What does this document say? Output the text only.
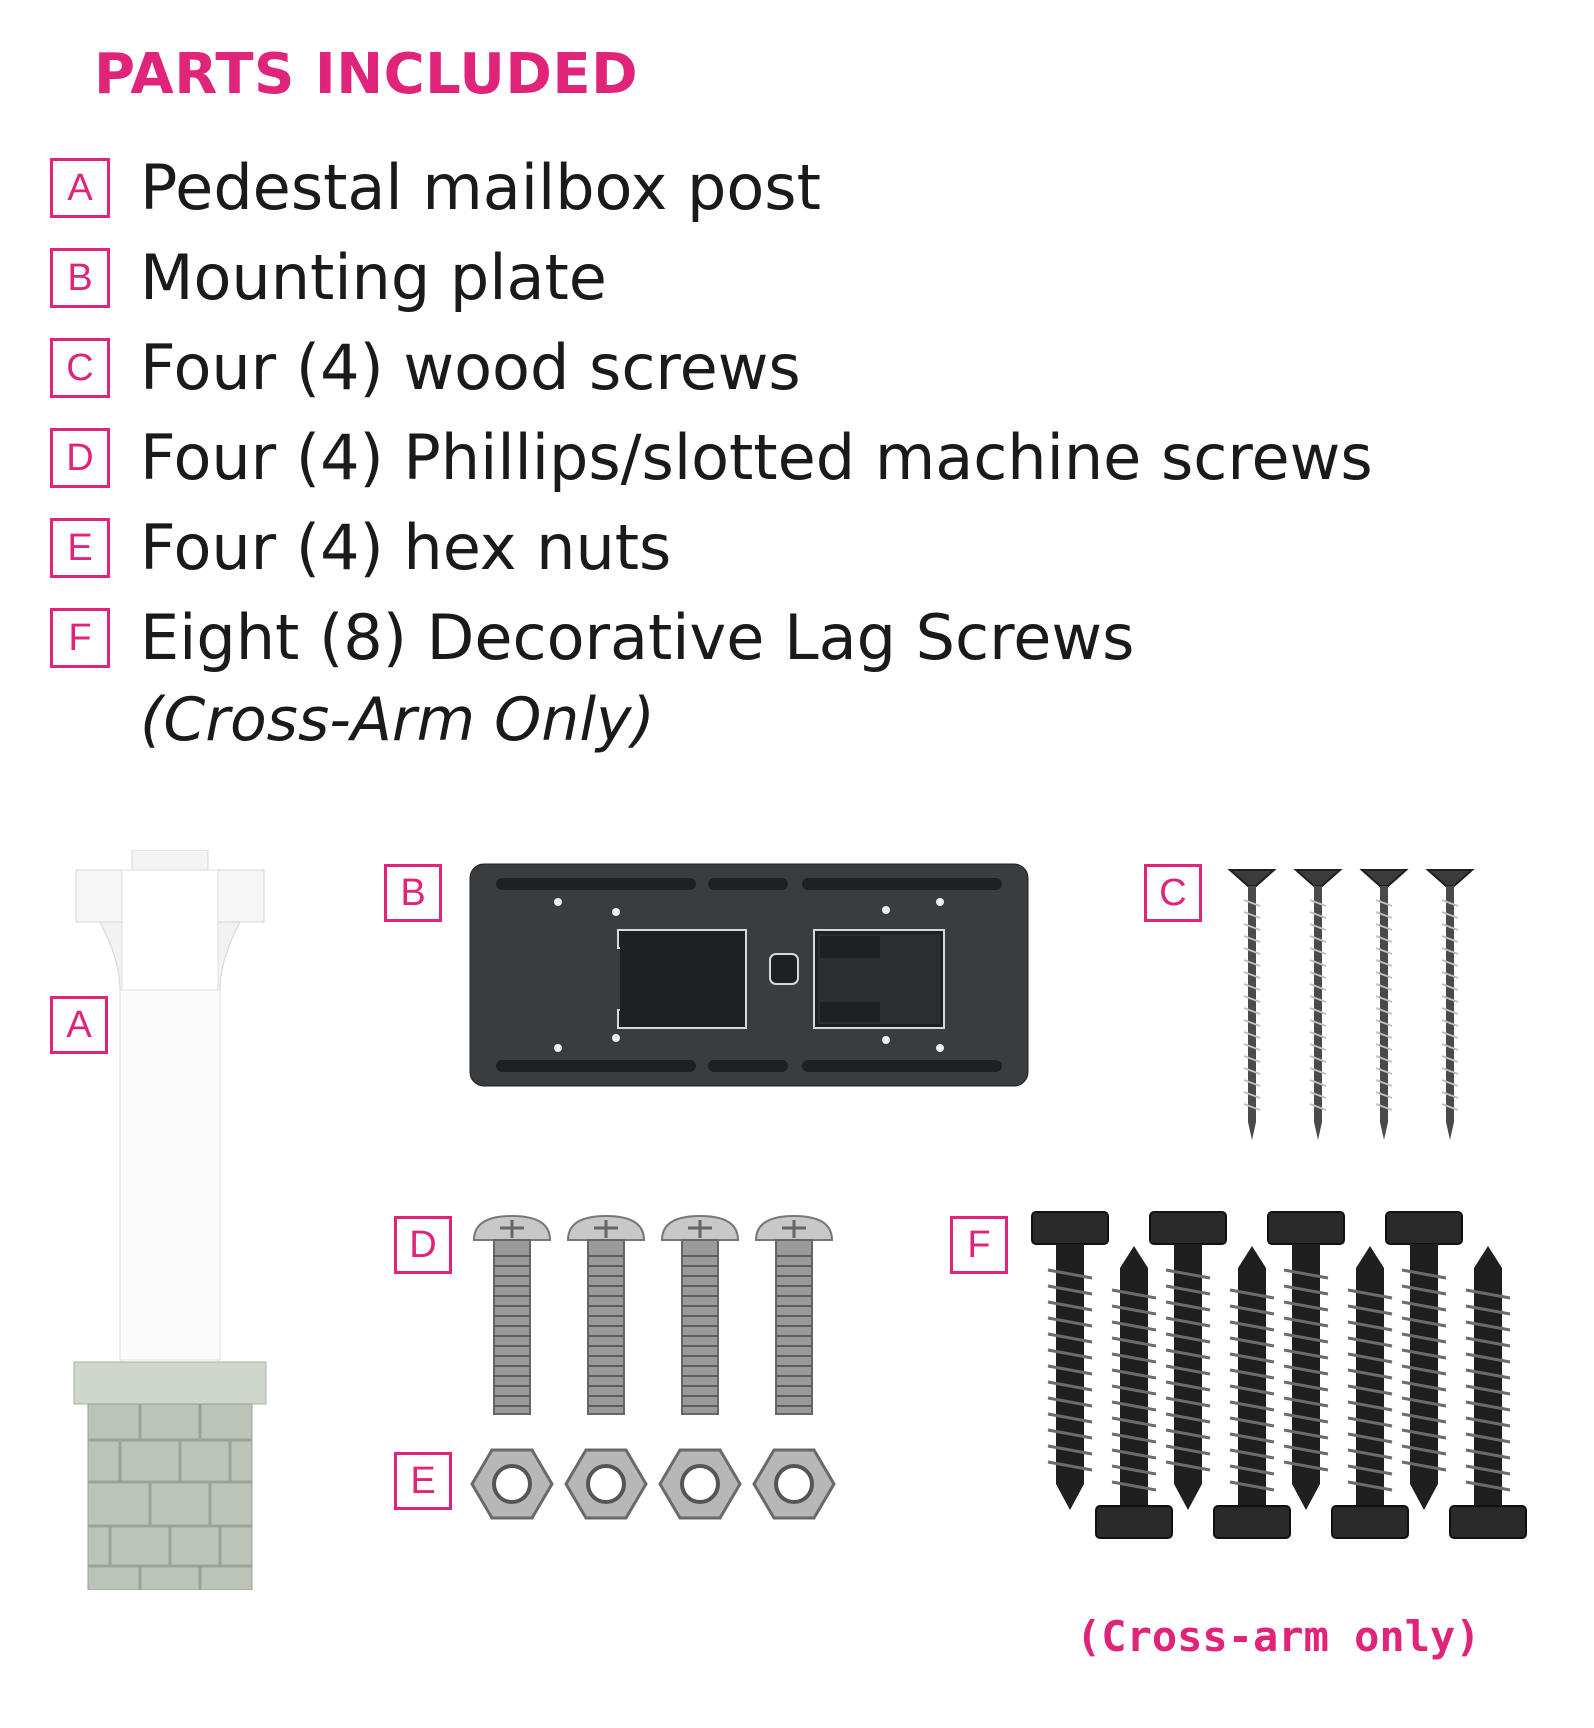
PARTS INCLUDED
A Pedestal mailbox post
B Mounting plate
C Four (4) wood screws
D Four (4) Phillips/slotted machine screws
E Four (4) hex nuts
F Eight (8) Decorative Lag Screws
(Cross-Arm Only)
A
B	C
D
E
F
(Cross-arm only)
